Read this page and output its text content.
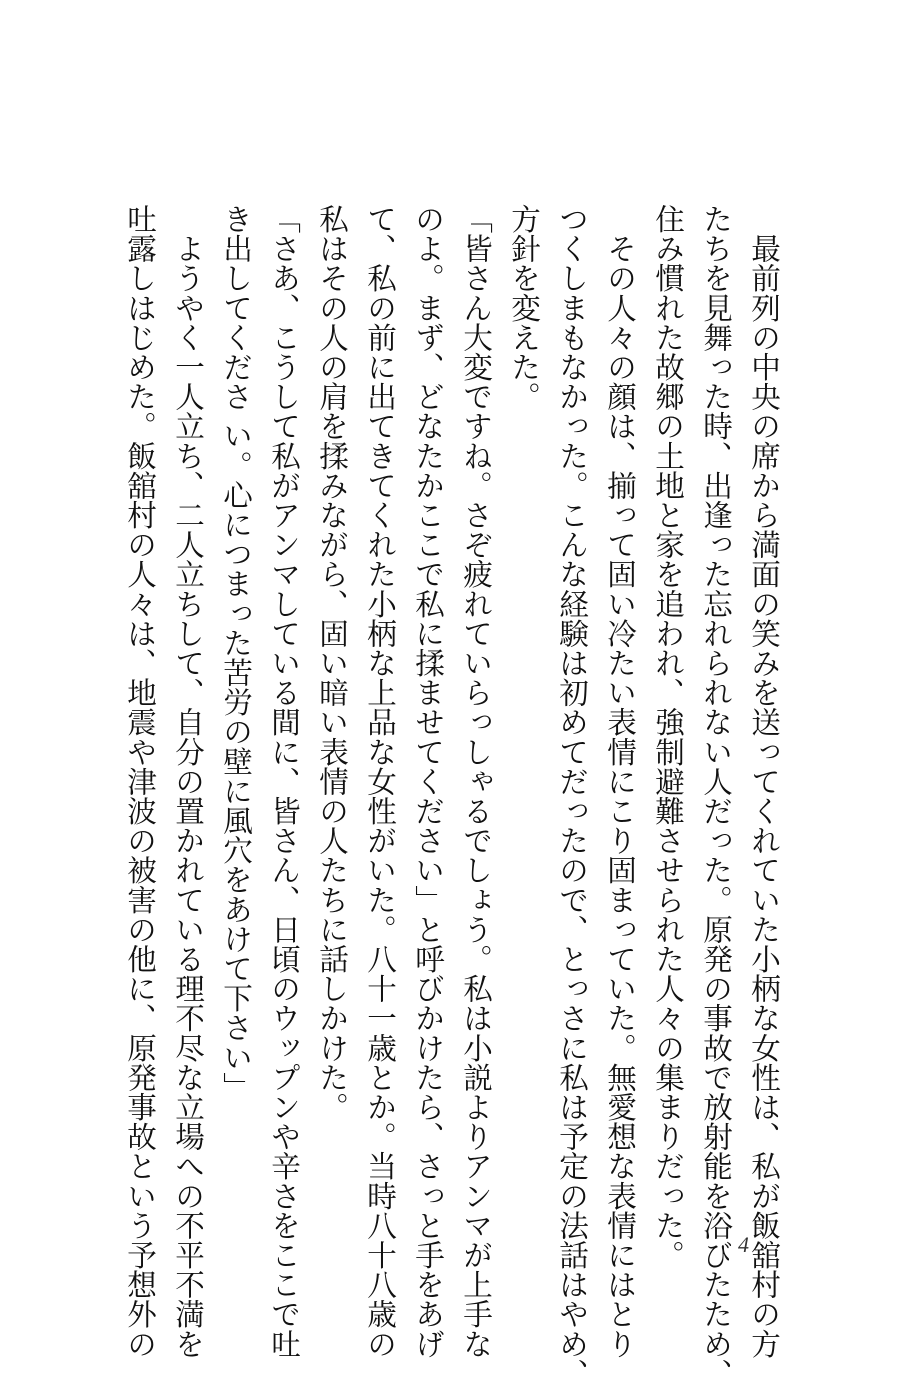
　最前列の中央の席から満面の笑みを送ってくれていた小柄な女性は、私が飯舘村の方
たちを見舞った時、出逢った忘れられない人だった。原発の事故で放射能を浴びたため、
住み慣れた故郷の土地と家を追われ、強制避難させられた人々の集まりだった。
　その人々の顔は、揃って固い冷たい表情にこり固まっていた。無愛想な表情にはとり
つくしまもなかった。こんな経験は初めてだったので、とっさに私は予定の法話はやめ、
方針を変えた。
「皆さん大変ですね。さぞ疲れていらっしゃるでしょう。私は小説よりアンマが上手な
のよ。まず、どなたかここで私に揉ませてください」と呼びかけたら、さっと手をあげ
て、私の前に出てきてくれた小柄な上品な女性がいた。八十一歳とか。当時八十八歳の
私はその人の肩を揉みながら、固い暗い表情の人たちに話しかけた。
「さあ、こうして私がアンマしている間に、皆さん、日頃のウップンや辛さをここで吐
き出してくださ い。心につまった苦労の壁に風穴をあけて下さい」
　ようやく一人立ち、二人立ちして、自分の置かれている理不尽な立場への不平不満を
吐露しはじめた。飯舘村の人々は、地震や津波の被害の他に、原発事故という予想外の	4
